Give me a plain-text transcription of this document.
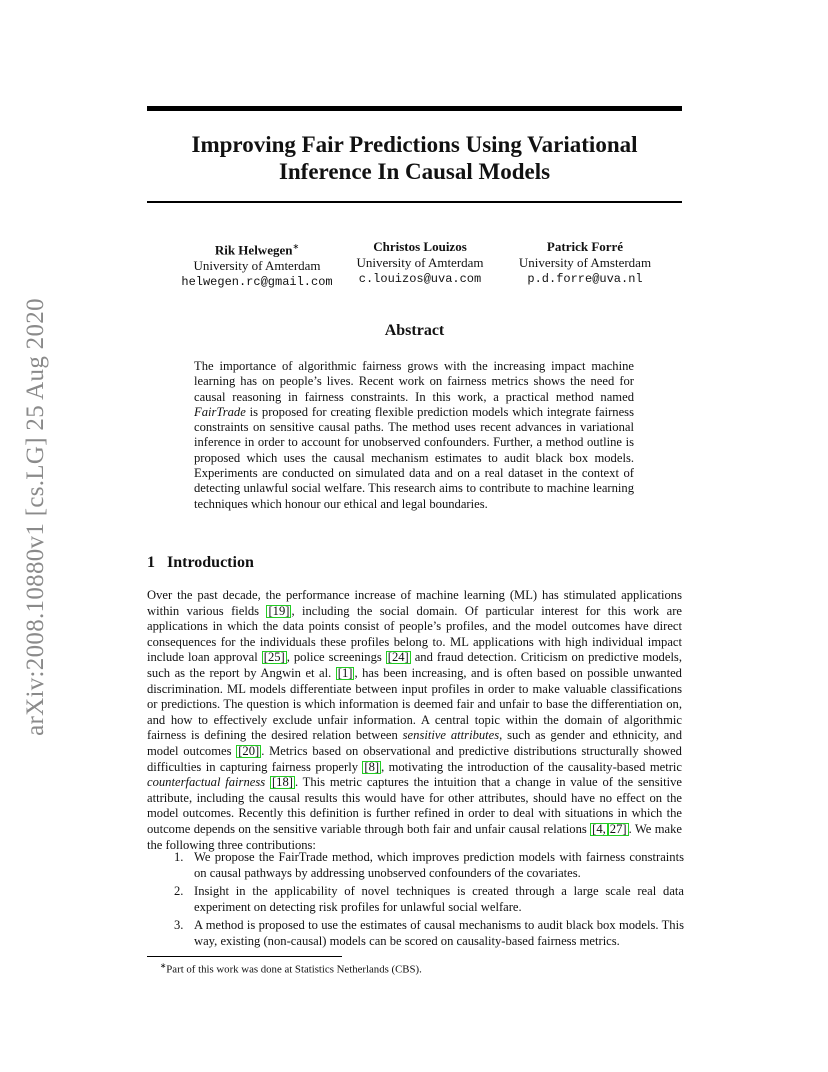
arXiv:2008.10880v1 [cs.LG] 25 Aug 2020
Improving Fair Predictions Using Variational
Inference In Causal Models
Rik Helwegen∗
University of Amterdam
helwegen.rc@gmail.com
Christos Louizos
University of Amterdam
c.louizos@uva.com
Patrick Forré
University of Amsterdam
p.d.forre@uva.nl
Abstract
The importance of algorithmic fairness grows with the increasing impact machine learning has on people’s lives. Recent work on fairness metrics shows the need for causal reasoning in fairness constraints. In this work, a practical method named FairTrade is proposed for creating flexible prediction models which integrate fairness constraints on sensitive causal paths. The method uses recent advances in variational inference in order to account for unobserved confounders. Further, a method outline is proposed which uses the causal mechanism estimates to audit black box models. Experiments are conducted on simulated data and on a real dataset in the context of detecting unlawful social welfare. This research aims to contribute to machine learning techniques which honour our ethical and legal boundaries.
1 Introduction
Over the past decade, the performance increase of machine learning (ML) has stimulated applications within various fields [19] , including the social domain. Of particular interest for this work are applications in which the data points consist of people’s profiles, and the model outcomes have direct consequences for the individuals these profiles belong to. ML applications with high individual impact include loan approval [25] , police screenings [24] and fraud detection. Criticism on predictive models, such as the report by Angwin et al. [1] , has been increasing, and is often based on possible unwanted discrimination. ML models differentiate between input profiles in order to make valuable classifications or predictions. The question is which information is deemed fair and unfair to base the differentiation on, and how to effectively exclude unfair information. A central topic within the domain of algorithmic fairness is defining the desired relation between sensitive attributes, such as gender and ethnicity, and model outcomes [20] . Metrics based on observational and predictive distributions structurally showed difficulties in capturing fairness properly [8] , motivating the introduction of the causality-based metric counterfactual fairness [18] . This metric captures the intuition that a change in value of the sensitive attribute, including the causal results this would have for other attributes, should have no effect on the model outcomes. Recently this definition is further refined in order to deal with situations in which the outcome depends on the sensitive variable through both fair and unfair causal relations [4, 27] . We make the following three contributions:
1. We propose the FairTrade method, which improves prediction models with fairness constraints on causal pathways by addressing unobserved confounders of the covariates.
2. Insight in the applicability of novel techniques is created through a large scale real data experiment on detecting risk profiles for unlawful social welfare.
3. A method is proposed to use the estimates of causal mechanisms to audit black box models. This way, existing (non-causal) models can be scored on causality-based fairness metrics.
∗Part of this work was done at Statistics Netherlands (CBS).
